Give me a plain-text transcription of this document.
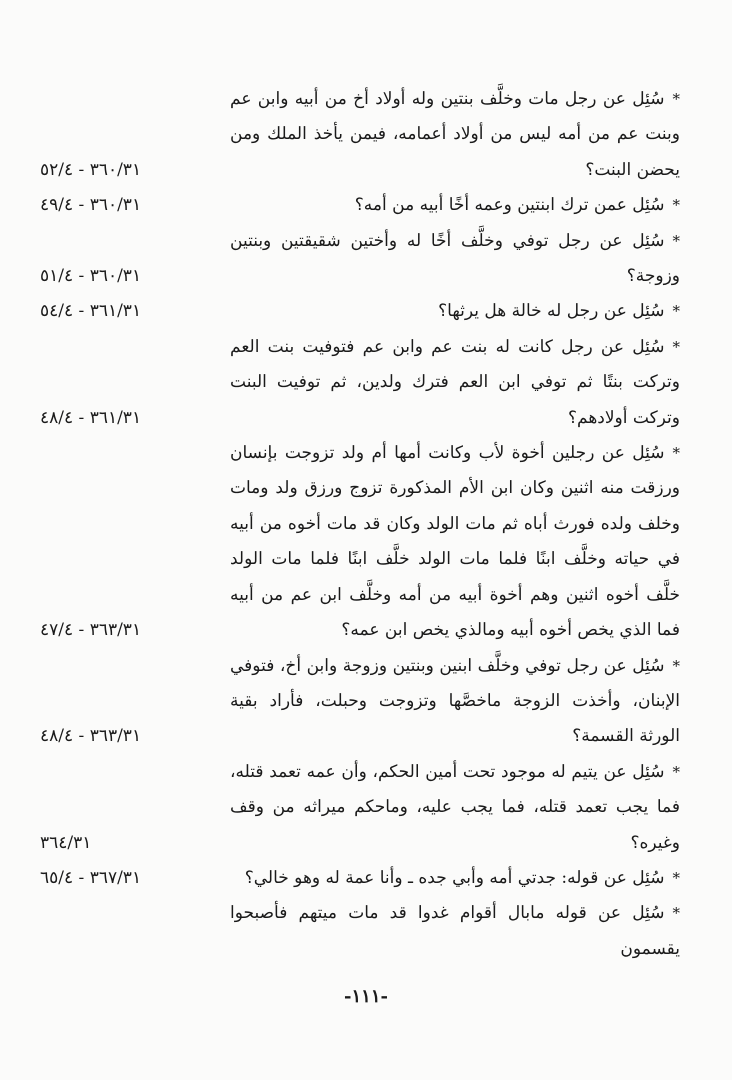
*سُئِل عن رجل مات وخلَّف بنتين وله أولاد أخ من أبيه وابن عم وبنت عم من أمه ليس من أولاد أعمامه، فيمن يأخذ الملك ومن يحضن البنت؟
٣٦٠/٣١ - ٥٢/٤
*سُئِل عمن ترك ابنتين وعمه أخًا أبيه من أمه؟
٣٦٠/٣١ - ٤٩/٤
*سُئِل عن رجل توفي وخلَّف أخًا له وأختين شقيقتين وبنتين وزوجة؟
٣٦٠/٣١ - ٥١/٤
*سُئِل عن رجل له خالة هل يرثها؟
٣٦١/٣١ - ٥٤/٤
*سُئِل عن رجل كانت له بنت عم وابن عم فتوفيت بنت العم وتركت بنتًا ثم توفي ابن العم فترك ولدين، ثم توفيت البنت وتركت أولادهم؟
٣٦١/٣١ - ٤٨/٤
*سُئِل عن رجلين أخوة لأب وكانت أمها أم ولد تزوجت بإنسان ورزقت منه اثنين وكان ابن الأم المذكورة تزوج ورزق ولد ومات وخلف ولده فورث أباه ثم مات الولد وكان قد مات أخوه من أبيه في حياته وخلَّف ابنًا فلما مات الولد خلَّف ابنًا فلما مات الولد خلَّف أخوه اثنين وهم أخوة أبيه من أمه وخلَّف ابن عم من أبيه فما الذي يخص أخوه أبيه ومالذي يخص ابن عمه؟
٣٦٣/٣١ - ٤٧/٤
*سُئِل عن رجل توفي وخلَّف ابنين وبنتين وزوجة وابن أخ، فتوفي الإبنان، وأخذت الزوجة ماخصَّها وتزوجت وحبلت، فأراد بقية الورثة القسمة؟
٣٦٣/٣١ - ٤٨/٤
*سُئِل عن يتيم له موجود تحت أمين الحكم، وأن عمه تعمد قتله، فما يجب تعمد قتله، فما يجب عليه، وماحكم ميراثه من وقف وغيره؟
٣٦٤/٣١
*سُئِل عن قوله: جدتي أمه وأبي جده ـ وأنا عمة له وهو خالي؟
٣٦٧/٣١ - ٦٥/٤
*سُئِل عن قوله مابال أقوام غدوا قد مات ميتهم فأصبحوا يقسمون
-١١١-
